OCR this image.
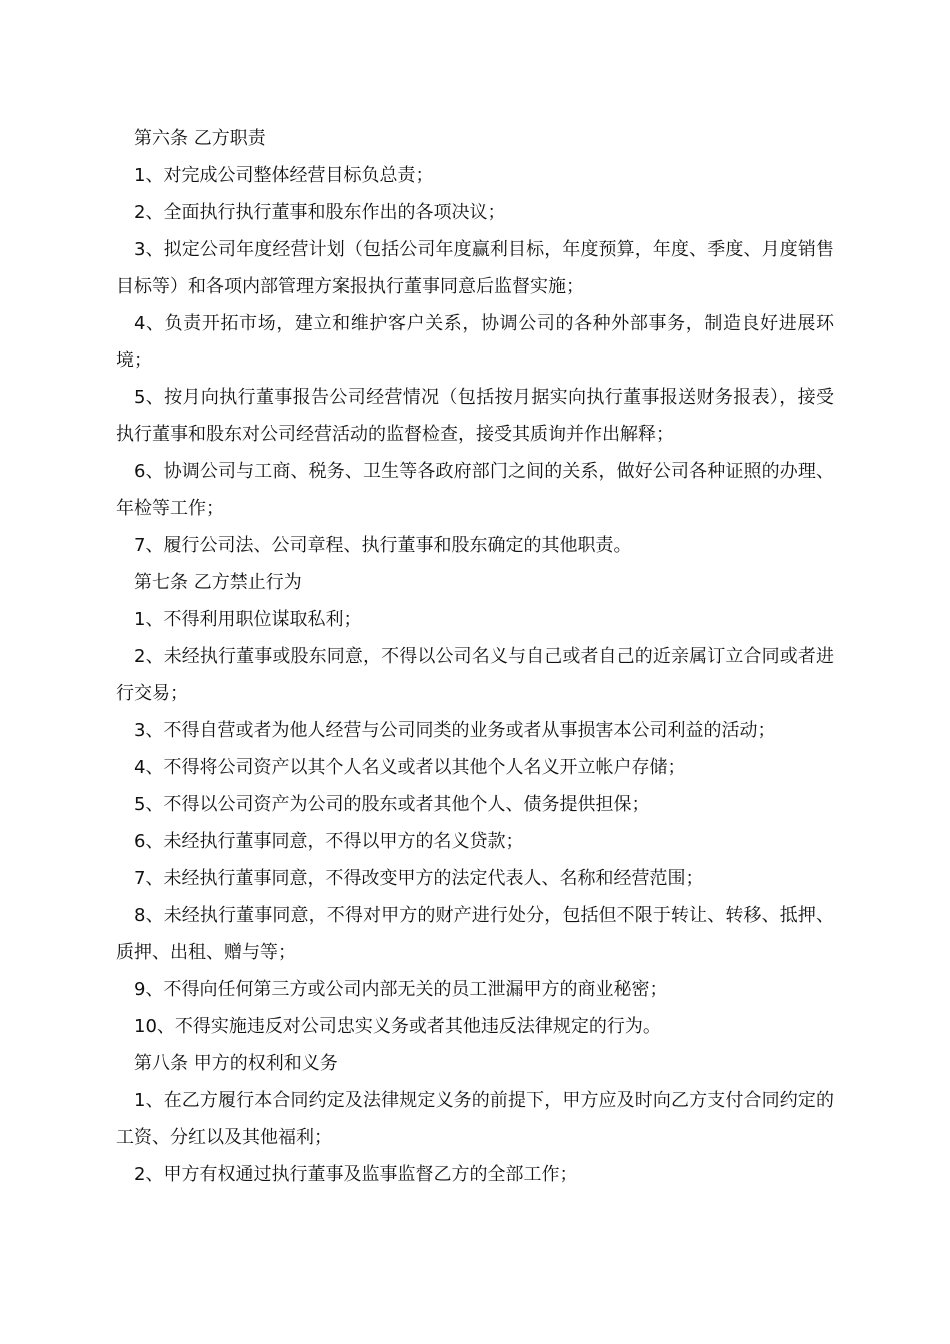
第六条 乙方职责

1、对完成公司整体经营目标负总责；

2、全面执行执行董事和股东作出的各项决议；

3、拟定公司年度经营计划（包括公司年度赢利目标，年度预算，年度、季度、月度销售目标等）和各项内部管理方案报执行董事同意后监督实施；

4、负责开拓市场，建立和维护客户关系，协调公司的各种外部事务，制造良好进展环境；

5、按月向执行董事报告公司经营情况（包括按月据实向执行董事报送财务报表），接受执行董事和股东对公司经营活动的监督检查，接受其质询并作出解释；

6、协调公司与工商、税务、卫生等各政府部门之间的关系，做好公司各种证照的办理、年检等工作；

7、履行公司法、公司章程、执行董事和股东确定的其他职责。

第七条 乙方禁止行为

1、不得利用职位谋取私利；

2、未经执行董事或股东同意，不得以公司名义与自己或者自己的近亲属订立合同或者进行交易；

3、不得自营或者为他人经营与公司同类的业务或者从事损害本公司利益的活动；

4、不得将公司资产以其个人名义或者以其他个人名义开立帐户存储；

5、不得以公司资产为公司的股东或者其他个人、债务提供担保；

6、未经执行董事同意，不得以甲方的名义贷款；

7、未经执行董事同意，不得改变甲方的法定代表人、名称和经营范围；

8、未经执行董事同意，不得对甲方的财产进行处分，包括但不限于转让、转移、抵押、质押、出租、赠与等；

9、不得向任何第三方或公司内部无关的员工泄漏甲方的商业秘密；

10、不得实施违反对公司忠实义务或者其他违反法律规定的行为。

第八条 甲方的权利和义务

1、在乙方履行本合同约定及法律规定义务的前提下，甲方应及时向乙方支付合同约定的工资、分红以及其他福利；

2、甲方有权通过执行董事及监事监督乙方的全部工作；
